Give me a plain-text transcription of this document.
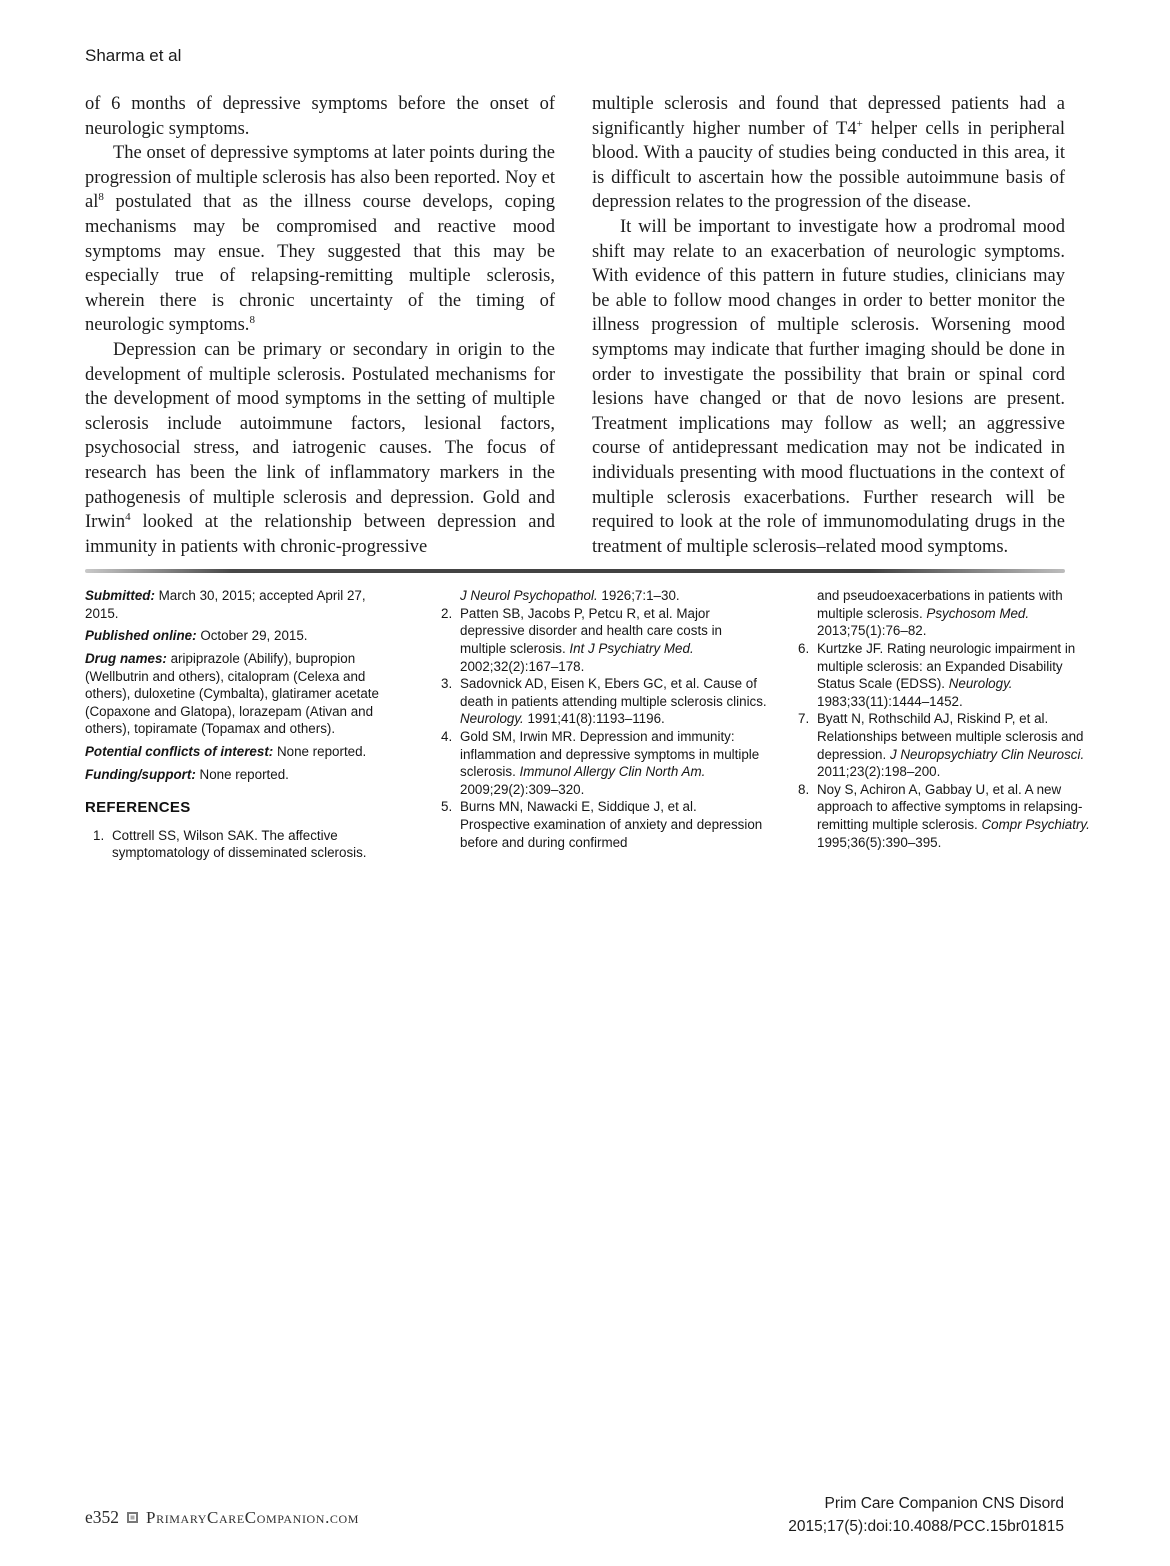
Sharma et al

of 6 months of depressive symptoms before the onset of neurologic symptoms.

The onset of depressive symptoms at later points during the progression of multiple sclerosis has also been reported. Noy et $al^8$ postulated that as the illness course develops, coping mechanisms may be compromised and reactive mood symptoms may ensue. They suggested that this may be especially true of relapsing-remitting multiple sclerosis, wherein there is chronic uncertainty of the timing of neurologic symptoms.$^8$

Depression can be primary or secondary in origin to the development of multiple sclerosis. Postulated mechanisms for the development of mood symptoms in the setting of multiple sclerosis include autoimmune factors, lesional factors, psychosocial stress, and iatrogenic causes. The focus of research has been the link of inflammatory markers in the pathogenesis of multiple sclerosis and depression. Gold and Irwin$^4$ looked at the relationship between depression and immunity in patients with chronic-progressive

multiple sclerosis and found that depressed patients had a significantly higher number of T4+ helper cells in peripheral blood. With a paucity of studies being conducted in this area, it is difficult to ascertain how the possible autoimmune basis of depression relates to the progression of the disease.

It will be important to investigate how a prodromal mood shift may relate to an exacerbation of neurologic symptoms. With evidence of this pattern in future studies, clinicians may be able to follow mood changes in order to better monitor the illness progression of multiple sclerosis. Worsening mood symptoms may indicate that further imaging should be done in order to investigate the possibility that brain or spinal cord lesions have changed or that de novo lesions are present. Treatment implications may follow as well; an aggressive course of antidepressant medication may not be indicated in individuals presenting with mood fluctuations in the context of multiple sclerosis exacerbations. Further research will be required to look at the role of immunomodulating drugs in the treatment of multiple sclerosis–related mood symptoms.

Submitted: March 30, 2015; accepted April 27, 2015.

Published online: October 29, 2015.

Drug names: aripiprazole (Abilify), bupropion (Wellbutrin and others), citalopram (Celexa and others), duloxetine (Cymbalta), glatiramer acetate (Copaxone and Glatopa), lorazepam (Ativan and others), topiramate (Topamax and others).

Potential conflicts of interest: None reported.

Funding/support: None reported.

REFERENCES
1. Cottrell SS, Wilson SAK. The affective symptomatology of disseminated sclerosis.
J Neurol Psychopathol. 1926;7:1–30.
2. Patten SB, Jacobs P, Petcu R, et al. Major depressive disorder and health care costs in multiple sclerosis. Int J Psychiatry Med. 2002;32(2):167–178.
3. Sadovnick AD, Eisen K, Ebers GC, et al. Cause of death in patients attending multiple sclerosis clinics. Neurology. 1991;41(8):1193–1196.
4. Gold SM, Irwin MR. Depression and immunity: inflammation and depressive symptoms in multiple sclerosis. Immunol Allergy Clin North Am. 2009;29(2):309–320.
5. Burns MN, Nawacki E, Siddique J, et al. Prospective examination of anxiety and depression before and during confirmed
and pseudoexacerbations in patients with multiple sclerosis. Psychosom Med. 2013;75(1):76–82.
6. Kurtzke JF. Rating neurologic impairment in multiple sclerosis: an Expanded Disability Status Scale (EDSS). Neurology. 1983;33(11):1444–1452.
7. Byatt N, Rothschild AJ, Riskind P, et al. Relationships between multiple sclerosis and depression. J Neuropsychiatry Clin Neurosci. 2011;23(2):198–200.
8. Noy S, Achiron A, Gabbay U, et al. A new approach to affective symptoms in relapsing-remitting multiple sclerosis. Compr Psychiatry. 1995;36(5):390–395.
e352 PrimaryCareCompanion.com
Prim Care Companion CNS Disord
2015;17(5):doi:10.4088/PCC.15br01815
